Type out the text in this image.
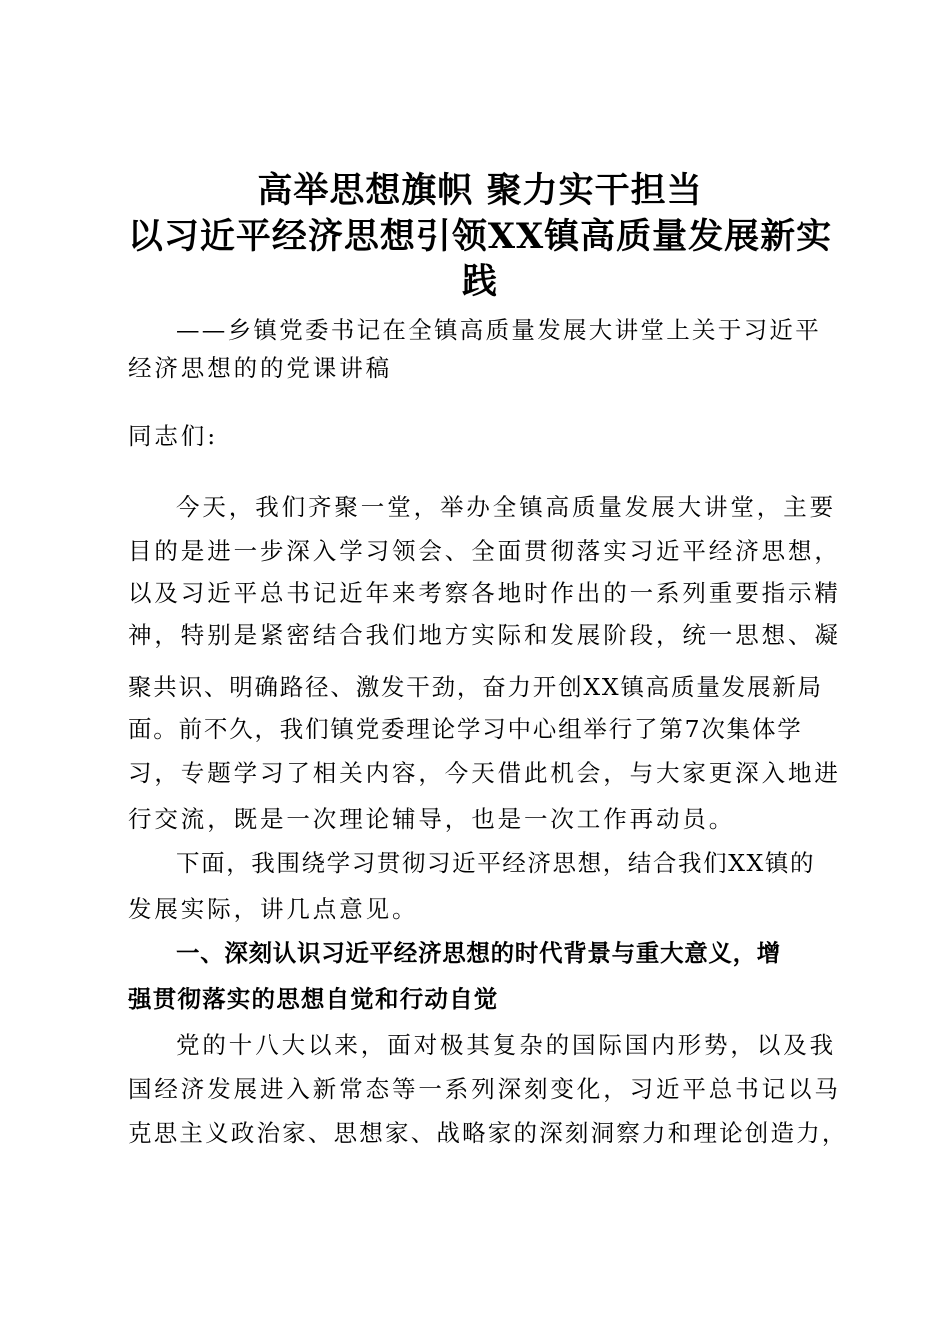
高举思想旗帜 聚力实干担当
以习近平经济思想引领XX镇高质量发展新实
践
——乡镇党委书记在全镇高质量发展大讲堂上关于习近平
经济思想的的党课讲稿
同志们:
今天，我们齐聚一堂，举办全镇高质量发展大讲堂，主要
目的是进一步深入学习领会、全面贯彻落实习近平经济思想，
以及习近平总书记近年来考察各地时作出的一系列重要指示精
神，特别是紧密结合我们地方实际和发展阶段，统一思想、凝
聚共识、明确路径、激发干劲，奋力开创XX镇高质量发展新局
面。前不久，我们镇党委理论学习中心组举行了第7次集体学
习，专题学习了相关内容，今天借此机会，与大家更深入地进
行交流，既是一次理论辅导，也是一次工作再动员。
下面，我围绕学习贯彻习近平经济思想，结合我们XX镇的
发展实际，讲几点意见。
一、深刻认识习近平经济思想的时代背景与重大意义，增
强贯彻落实的思想自觉和行动自觉
党的十八大以来，面对极其复杂的国际国内形势，以及我
国经济发展进入新常态等一系列深刻变化，习近平总书记以马
克思主义政治家、思想家、战略家的深刻洞察力和理论创造力，
